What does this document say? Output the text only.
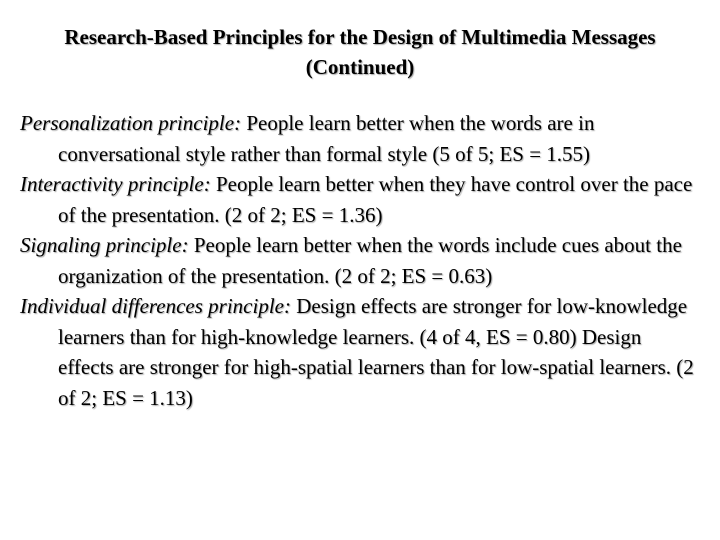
Research-Based Principles for the Design of Multimedia Messages
(Continued)

Personalization principle: People learn better when the words are in conversational style rather than formal style (5 of 5; ES = 1.55)

Interactivity principle: People learn better when they have control over the pace of the presentation. (2 of 2; ES = 1.36)

Signaling principle: People learn better when the words include cues about the organization of the presentation. (2 of 2; ES = 0.63)

Individual differences principle: Design effects are stronger for low-knowledge learners than for high-knowledge learners. (4 of 4, ES = 0.80) Design effects are stronger for high-spatial learners than for low-spatial learners. (2 of 2; ES = 1.13)
